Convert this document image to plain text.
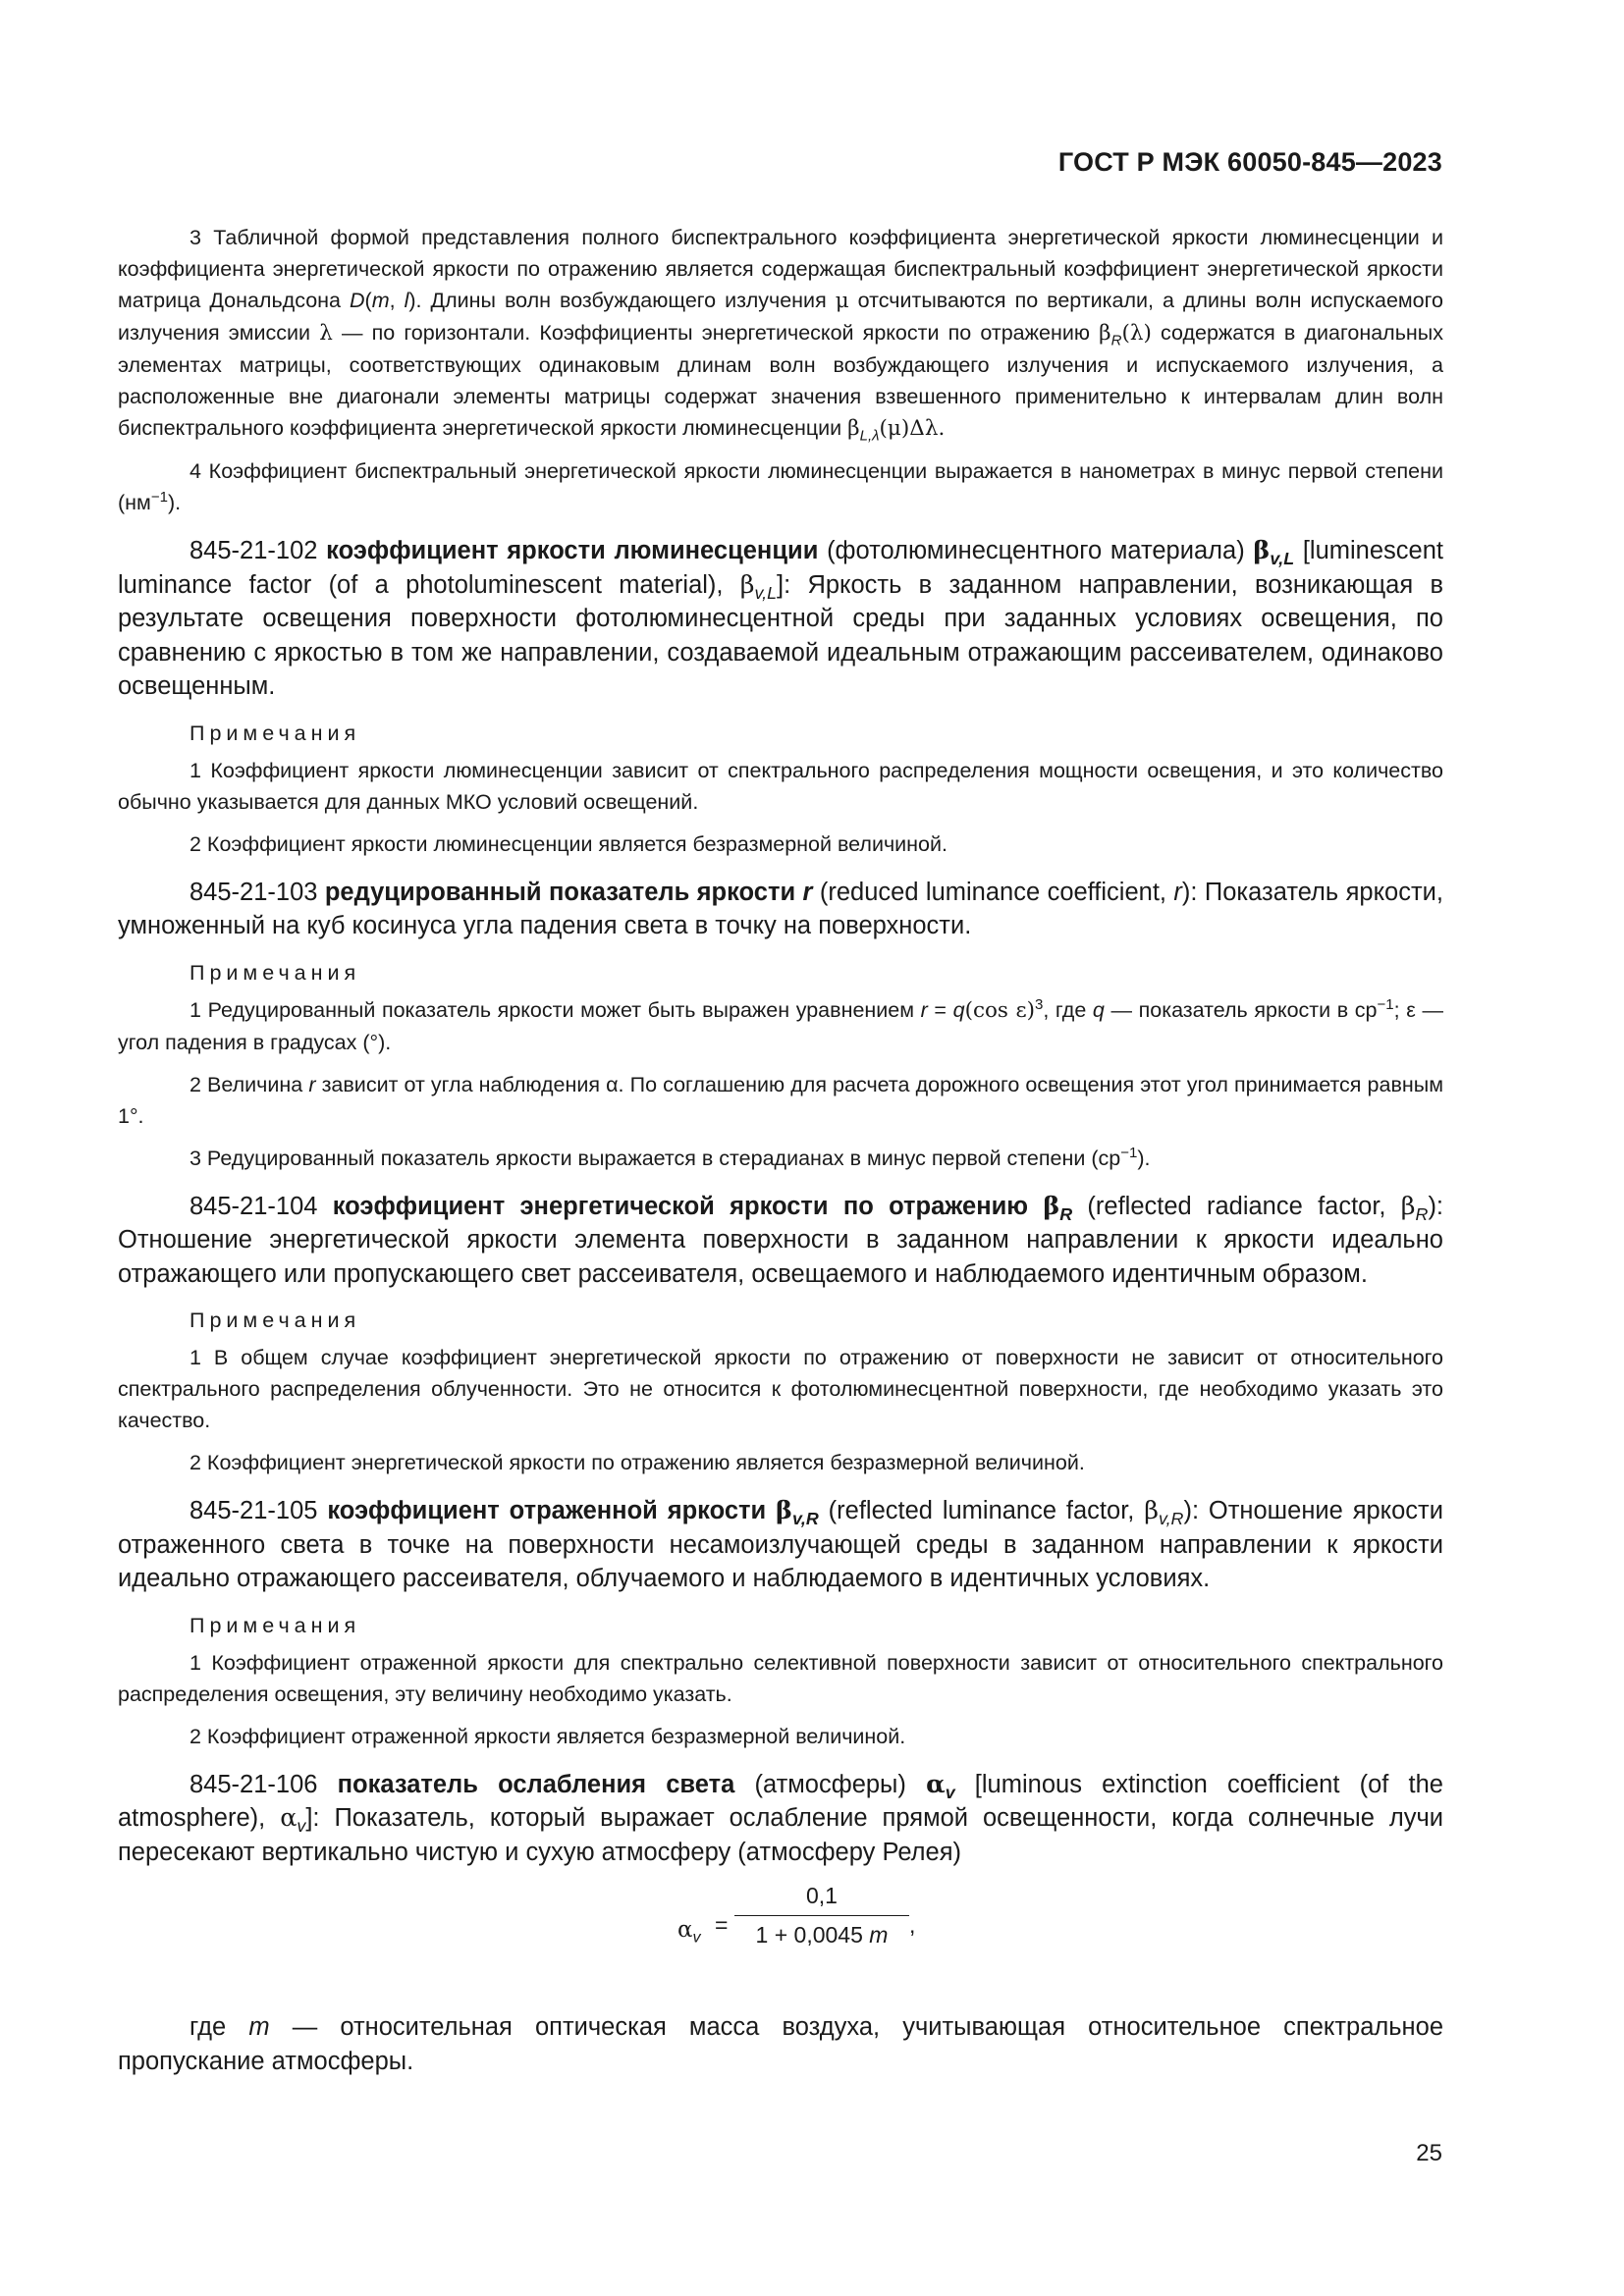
ГОСТ Р МЭК 60050-845—2023

3 Табличной формой представления полного биспектрального коэффициента энергетической яркости люминесценции и коэффициента энергетической яркости по отражению является содержащая биспектральный коэффициент энергетической яркости матрица Дональдсона D(m, l). Длины волн возбуждающего излучения μ отсчитываются по вертикали, а длины волн испускаемого излучения эмиссии λ — по горизонтали. Коэффициенты энергетической яркости по отражению $\beta_R(\lambda)$ содержатся в диагональных элементах матрицы, соответствующих одинаковым длинам волн возбуждающего излучения и испускаемого излучения, а расположенные вне диагонали элементы матрицы содержат значения взвешенного применительно к интервалам длин волн биспектрального коэффициента энергетической яркости люминесценции $\beta_{L,\lambda}(\mu)\Delta\lambda$.

4 Коэффициент биспектральный энергетической яркости люминесценции выражается в нанометрах в минус первой степени $(нм^{-1})$.

845-21-102 коэффициент яркости люминесценции (фотолюминесцентного материала) $\beta_{v,L}$ [luminescent luminance factor (of a photoluminescent material), $\beta_{v,L}$]: Яркость в заданном направлении, возникающая в результате освещения поверхности фотолюминесцентной среды при заданных условиях освещения, по сравнению с яркостью в том же направлении, создаваемой идеальным отражающим рассеивателем, одинаково освещенным.

Примечания

1 Коэффициент яркости люминесценции зависит от спектрального распределения мощности освещения, и это количество обычно указывается для данных МКО условий освещений.

2 Коэффициент яркости люминесценции является безразмерной величиной.

845-21-103 редуцированный показатель яркости r (reduced luminance coefficient, r): Показатель яркости, умноженный на куб косинуса угла падения света в точку на поверхности.

Примечания

1 Редуцированный показатель яркости может быть выражен уравнением r = q(cos ε)$^3$, где q — показатель яркости в $ср^{-1}$; ε — угол падения в градусах (°).

2 Величина r зависит от угла наблюдения α. По соглашению для расчета дорожного освещения этот угол принимается равным 1°.

3 Редуцированный показатель яркости выражается в стерадианах в минус первой степени $(ср^{-1})$.

845-21-104 коэффициент энергетической яркости по отражению $\beta_R$ (reflected radiance factor, $\beta_R$): Отношение энергетической яркости элемента поверхности в заданном направлении к яркости идеально отражающего или пропускающего свет рассеивателя, освещаемого и наблюдаемого идентичным образом.

Примечания

1 В общем случае коэффициент энергетической яркости по отражению от поверхности не зависит от относительного спектрального распределения облученности. Это не относится к фотолюминесцентной поверхности, где необходимо указать это качество.

2 Коэффициент энергетической яркости по отражению является безразмерной величиной.

845-21-105 коэффициент отраженной яркости $\beta_{v,R}$ (reflected luminance factor, $\beta_{v,R}$): Отношение яркости отраженного света в точке на поверхности несамоизлучающей среды в заданном направлении к яркости идеально отражающего рассеивателя, облучаемого и наблюдаемого в идентичных условиях.

Примечания

1 Коэффициент отраженной яркости для спектрально селективной поверхности зависит от относительного спектрального распределения освещения, эту величину необходимо указать.

2 Коэффициент отраженной яркости является безразмерной величиной.

845-21-106 показатель ослабления света (атмосферы) $\alpha_v$ [luminous extinction coefficient (of the atmosphere), $\alpha_v$]: Показатель, который выражает ослабление прямой освещенности, когда солнечные лучи пересекают вертикально чистую и сухую атмосферу (атмосферу Релея)

$\alpha_v$ =
0,1
1 + 0,0045 m ,

где m — относительная оптическая масса воздуха, учитывающая относительное спектральное пропускание атмосферы.

25
